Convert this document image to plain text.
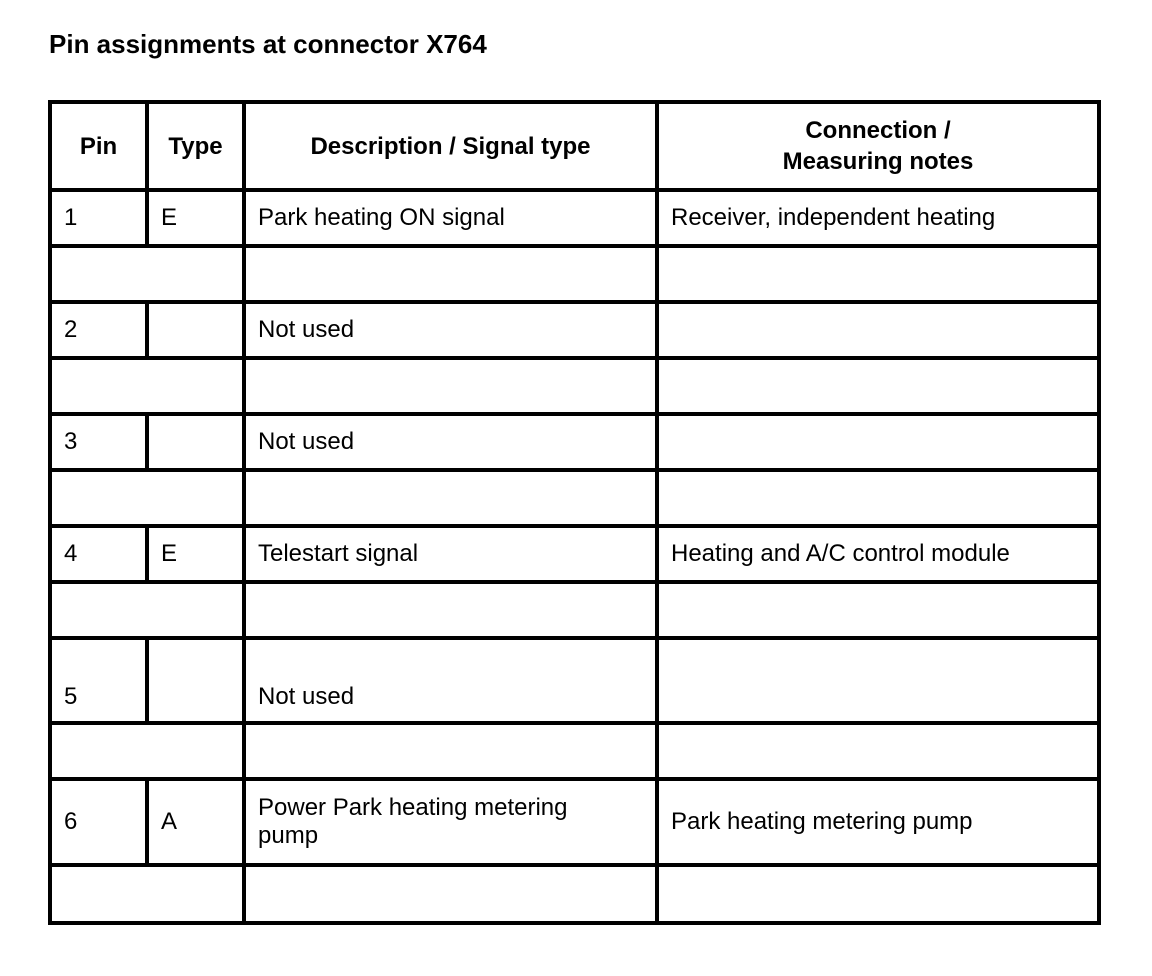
Pin assignments at connector X764
Pin	Type	Description / Signal type	Connection /
Measuring notes

1	E	Park heating ON signal	Receiver, independent heating

2		Not used	

3		Not used	

4	E	Telestart signal	Heating and A/C control module

5		Not used	

6	A	Power Park heating metering pump	Park heating metering pump
